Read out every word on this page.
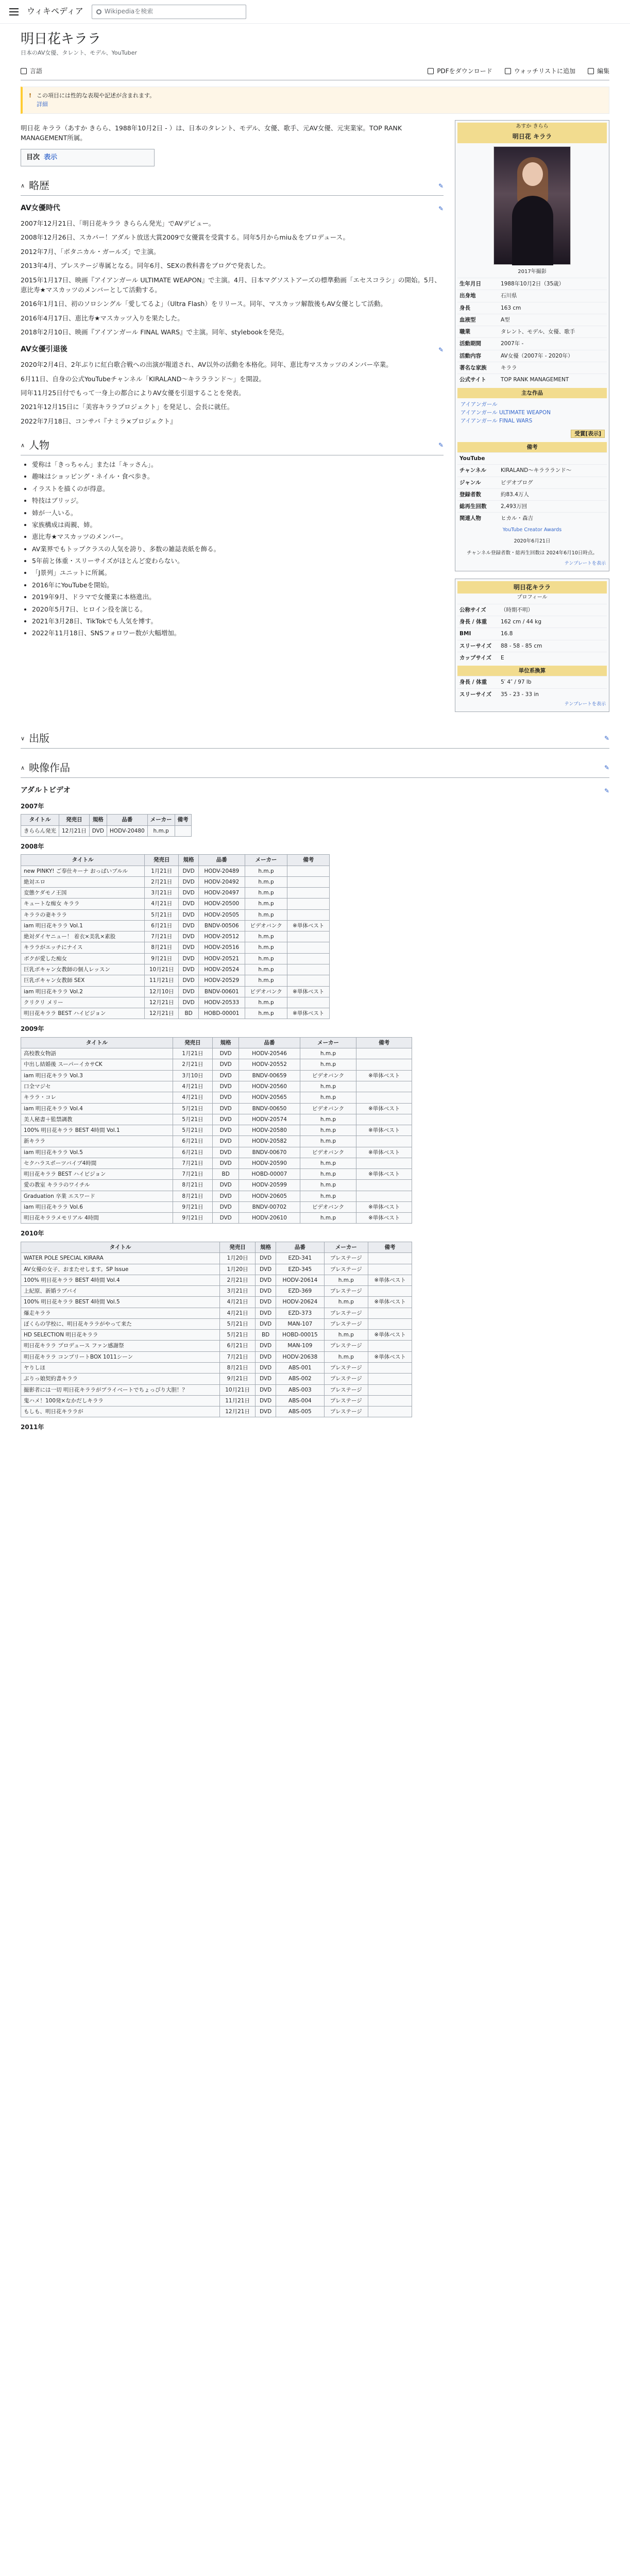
ウィキペディア	Wikipediaを検索
明日花キララ
日本のAV女優、タレント、モデル、YouTuber
言語	PDFをダウンロード	ウォッチリストに追加	編集
! この項目には性的な表現や記述が含まれます。
詳細

明日花 キララ（あすか きらら、1988年10月2日 - ）は、日本のタレント、モデル、女優、歌手、元AV女優、元実業家。TOP RANK MANAGEMENT所属。

目次 表示
∧ 略歴	✎
AV女優時代	✎

2007年12月21日、「明日花キララ きららん発光」でAVデビュー。

2008年12月26日、スカパー！アダルト放送大賞2009で女優賞を受賞する。同年5月からmiu＆をプロデュース。

2012年7月、「ボタニカル・ガールズ」で主演。

2013年4月、プレステージ専属となる。同年6月、SEXの教科書をブログで発表した。

2015年1月17日、映画『アイアンガール ULTIMATE WEAPON』で主演。4月、日本マグソストアーズの標準動画「エセスコラシ」の開始。5月、恵比寿★マスカッツのメンバーとして活動する。

2016年1月1日、初のソロシングル「愛してるよ」（Ultra Flash）をリリース。同年、マスカッツ解散後もAV女優として活動。

2016年4月17日、恵比寿★マスカッツ入りを果たした。

2018年2月10日、映画『アイアンガール FINAL WARS』で主演。同年、stylebookを発売。

AV女優引退後	✎

2020年2月4日、2年ぶりに紅白歌合戦への出演が報道され、AV以外の活動を本格化。同年、恵比寿マスカッツのメンバー卒業。

6月11日、自身の公式YouTubeチャンネル「KIRALAND〜キララランド〜」を開設。

同年11月25日付でもって一身上の都合によりAV女優を引退することを発表。

2021年12月15日に「美容キララプロジェクト」を発足し、会長に就任。

2022年7月18日、コンサバ『ナミラ×プロジェクト』

∧ 人物	✎
• 愛称は「きっちゃん」または「キッさん」。
• 趣味はショッピング・ネイル・食べ歩き。
• イラストを描くのが得意。
• 特技はブリッジ。
• 姉が一人いる。
• 家族構成は両親、姉。
• 恵比寿★マスカッツのメンバー。
• AV業界でもトップクラスの人気を誇り、多数の雑誌表紙を飾る。
• 5年前と体重・スリーサイズがほとんど変わらない。
• 「J景列」ユニットに所属。
• 2016年にYouTubeを開始。
• 2019年9月、ドラマで女優業に本格進出。
• 2020年5月7日、ヒロイン役を演じる。
• 2021年3月28日、TikTokでも人気を博す。
• 2022年11月18日、SNSフォロワー数が大幅増加。
あすか きらら
明日花 キララ
2017年撮影
生年月日	1988年10月2日（35歳）
出身地	石川県
身長	163 cm
血液型	A型
職業	タレント、モデル、女優、歌手
活動期間	2007年 -
活動内容	AV女優（2007年 - 2020年）
著名な家族	キララ
公式サイト	TOP RANK MANAGEMENT
主な作品
アイアンガール
アイアンガール ULTIMATE WEAPON
アイアンガール FINAL WARS
受賞[表示]
備考
YouTube
チャンネル	KIRALAND〜キララランド〜
ジャンル	ビデオブログ
登録者数	約83.4万人
総再生回数	2,493万回
関連人物	ヒカル・森吉
YouTube Creator Awards
2020年6月21日
チャンネル登録者数・総再生回数は 2024年6月10日時点。
テンプレートを表示
明日花キララ
プロフィール
公称サイズ	（時期不明）
身長 / 体重	162 cm / 44 kg
BMI	16.8
スリーサイズ	88 - 58 - 85 cm
カップサイズ	E
単位系換算
身長 / 体重	5′ 4″ / 97 lb
スリーサイズ	35 - 23 - 33 in
テンプレートを表示
∨ 出版	✎
∧ 映像作品	✎
アダルトビデオ	✎
2007年
タイトル	発売日	規格	品番	メーカー	備考
きららん発光	12月21日	DVD	HODV-20480	h.m.p	
2008年
タイトル	発売日	規格	品番	メーカー	備考
new PINKY! ご奉仕キーナ おっぱいブルル	1月21日	DVD	HODV-20489	h.m.p	
絶対エロ	2月21日	DVD	HODV-20492	h.m.p	
変態ケダモノ王国	3月21日	DVD	HODV-20497	h.m.p	
キュートな痴女 キララ	4月21日	DVD	HODV-20500	h.m.p	
キララの妻キララ	5月21日	DVD	HODV-20505	h.m.p	
iam 明日花キララ Vol.1	6月21日	DVD	BNDV-00506	ビデオバンク	※単体ベスト
絶対ダイヤニュー！ 着衣×美乳×素股	7月21日	DVD	HODV-20512	h.m.p	
キララがエッチにナイス	8月21日	DVD	HODV-20516	h.m.p	
ボクが愛した痴女	9月21日	DVD	HODV-20521	h.m.p	
巨乳ボキャン女教師の個人レッスン	10月21日	DVD	HODV-20524	h.m.p	
巨乳ボキャン女教師 SEX	11月21日	DVD	HODV-20529	h.m.p	
iam 明日花キララ Vol.2	12月10日	DVD	BNDV-00601	ビデオバンク	※単体ベスト
クリクリ メリー	12月21日	DVD	HODV-20533	h.m.p	
明日花キララ BEST ハイビジョン	12月21日	BD	HOBD-00001	h.m.p	※単体ベスト
2009年
タイトル	発売日	規格	品番	メーカー	備考
高校教女物語	1月21日	DVD	HODV-20546	h.m.p	
中出し結婚後 スーパーイカサCK	2月21日	DVD	HODV-20552	h.m.p	
iam 明日花キララ Vol.3	3月10日	DVD	BNDV-00659	ビデオバンク	※単体ベスト
口全マジセ	4月21日	DVD	HODV-20560	h.m.p	
キララ・コレ	4月21日	DVD	HODV-20565	h.m.p	
iam 明日花キララ Vol.4	5月21日	DVD	BNDV-00650	ビデオバンク	※単体ベスト
美人秘書＋監禁調教	5月21日	DVD	HODV-20574	h.m.p	
100% 明日花キララ BEST 4時間 Vol.1	5月21日	DVD	HODV-20580	h.m.p	※単体ベスト
新キララ	6月21日	DVD	HODV-20582	h.m.p	
iam 明日花キララ Vol.5	6月21日	DVD	BNDV-00670	ビデオバンク	※単体ベスト
セクハラスポーツバイブ4時間	7月21日	DVD	HODV-20590	h.m.p	
明日花キララ BEST ハイビジョン	7月21日	BD	HOBD-00007	h.m.p	※単体ベスト
愛の教室 キララのワイチル	8月21日	DVD	HODV-20599	h.m.p	
Graduation 卒業 エスワード	8月21日	DVD	HODV-20605	h.m.p	
iam 明日花キララ Vol.6	9月21日	DVD	BNDV-00702	ビデオバンク	※単体ベスト
明日花キララメモリアル 4時間	9月21日	DVD	HODV-20610	h.m.p	※単体ベスト
2010年
タイトル	発売日	規格	品番	メーカー	備考
WATER POLE SPECIAL KIRARA	1月20日	DVD	EZD-341	プレステージ	
AV女優の女子、おまたせします。SP Issue	1月20日	DVD	EZD-345	プレステージ	
100% 明日花キララ BEST 4時間 Vol.4	2月21日	DVD	HODV-20614	h.m.p	※単体ベスト
上紀原、新婚ラブバイ	3月21日	DVD	EZD-369	プレステージ	
100% 明日花キララ BEST 4時間 Vol.5	4月21日	DVD	HODV-20624	h.m.p	※単体ベスト
爆走キララ	4月21日	DVD	EZD-373	プレステージ	
ぼくらの学校に、明日花キララがやって来た	5月21日	DVD	MAN-107	プレステージ	
HD SELECTION 明日花キララ	5月21日	BD	HOBD-00015	h.m.p	※単体ベスト
明日花キララ プロデュース ファン感謝祭	6月21日	DVD	MAN-109	プレステージ	
明日花キララ コンプリートBOX 1011シーン	7月21日	DVD	HODV-20638	h.m.p	※単体ベスト
ヤりしほ	8月21日	DVD	ABS-001	プレステージ	
ぶりっ娘契約書キララ	9月21日	DVD	ABS-002	プレステージ	
撮影者には一切 明日花キララがプライベートでちょっぴり大胆！？	10月21日	DVD	ABS-003	プレステージ	
鬼ハメ！100発×なかだしキララ	11月21日	DVD	ABS-004	プレステージ	
もしも、明日花キララが	12月21日	DVD	ABS-005	プレステージ	
2011年
